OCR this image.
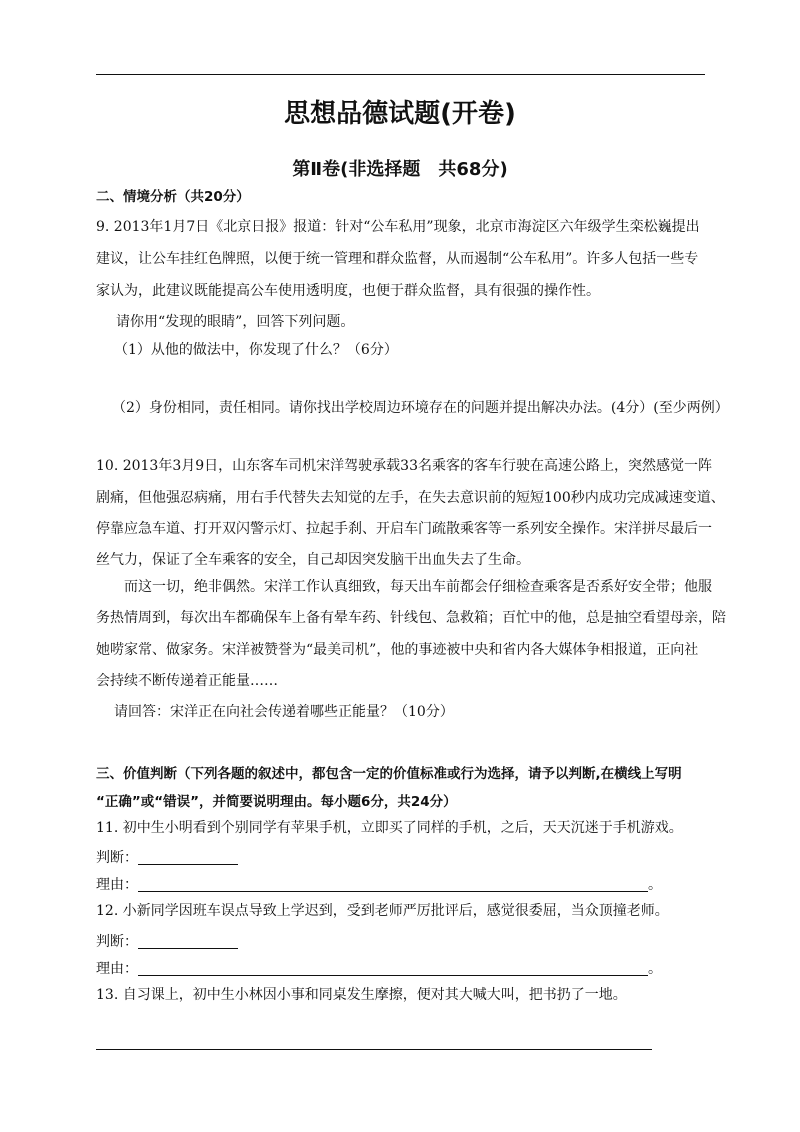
思想品德试题(开卷)
第Ⅱ卷(非选择题　共68分)
二、情境分析（共20分）
9. 2013年1月7日《北京日报》报道：针对“公车私用”现象，北京市海淀区六年级学生栾松巍提出
建议，让公车挂红色牌照，以便于统一管理和群众监督，从而遏制“公车私用”。许多人包括一些专
家认为，此建议既能提高公车使用透明度，也便于群众监督，具有很强的操作性。
请你用“发现的眼睛”，回答下列问题。
（1）从他的做法中，你发现了什么？（6分）
（2）身份相同，责任相同。请你找出学校周边环境存在的问题并提出解决办法。(4分）(至少两例）
10. 2013年3月9日，山东客车司机宋洋驾驶承载33名乘客的客车行驶在高速公路上，突然感觉一阵
剧痛，但他强忍病痛，用右手代替失去知觉的左手，在失去意识前的短短100秒内成功完成减速变道、
停靠应急车道、打开双闪警示灯、拉起手刹、开启车门疏散乘客等一系列安全操作。宋洋拼尽最后一
丝气力，保证了全车乘客的安全，自己却因突发脑干出血失去了生命。
而这一切，绝非偶然。宋洋工作认真细致，每天出车前都会仔细检查乘客是否系好安全带；他服
务热情周到，每次出车都确保车上备有晕车药、针线包、急救箱；百忙中的他，总是抽空看望母亲，陪
她唠家常、做家务。宋洋被赞誉为“最美司机”，他的事迹被中央和省内各大媒体争相报道，正向社
会持续不断传递着正能量……
请回答：宋洋正在向社会传递着哪些正能量？（10分）
三、价值判断（下列各题的叙述中，都包含一定的价值标准或行为选择，请予以判断,在横线上写明
“正确”或“错误”，并简要说明理由。每小题6分，共24分）
11. 初中生小明看到个别同学有苹果手机，立即买了同样的手机，之后，天天沉迷于手机游戏。
判断：
理由：	。
12. 小新同学因班车误点导致上学迟到，受到老师严厉批评后，感觉很委屈，当众顶撞老师。
判断：
理由：	。
13. 自习课上，初中生小林因小事和同桌发生摩擦，便对其大喊大叫，把书扔了一地。
